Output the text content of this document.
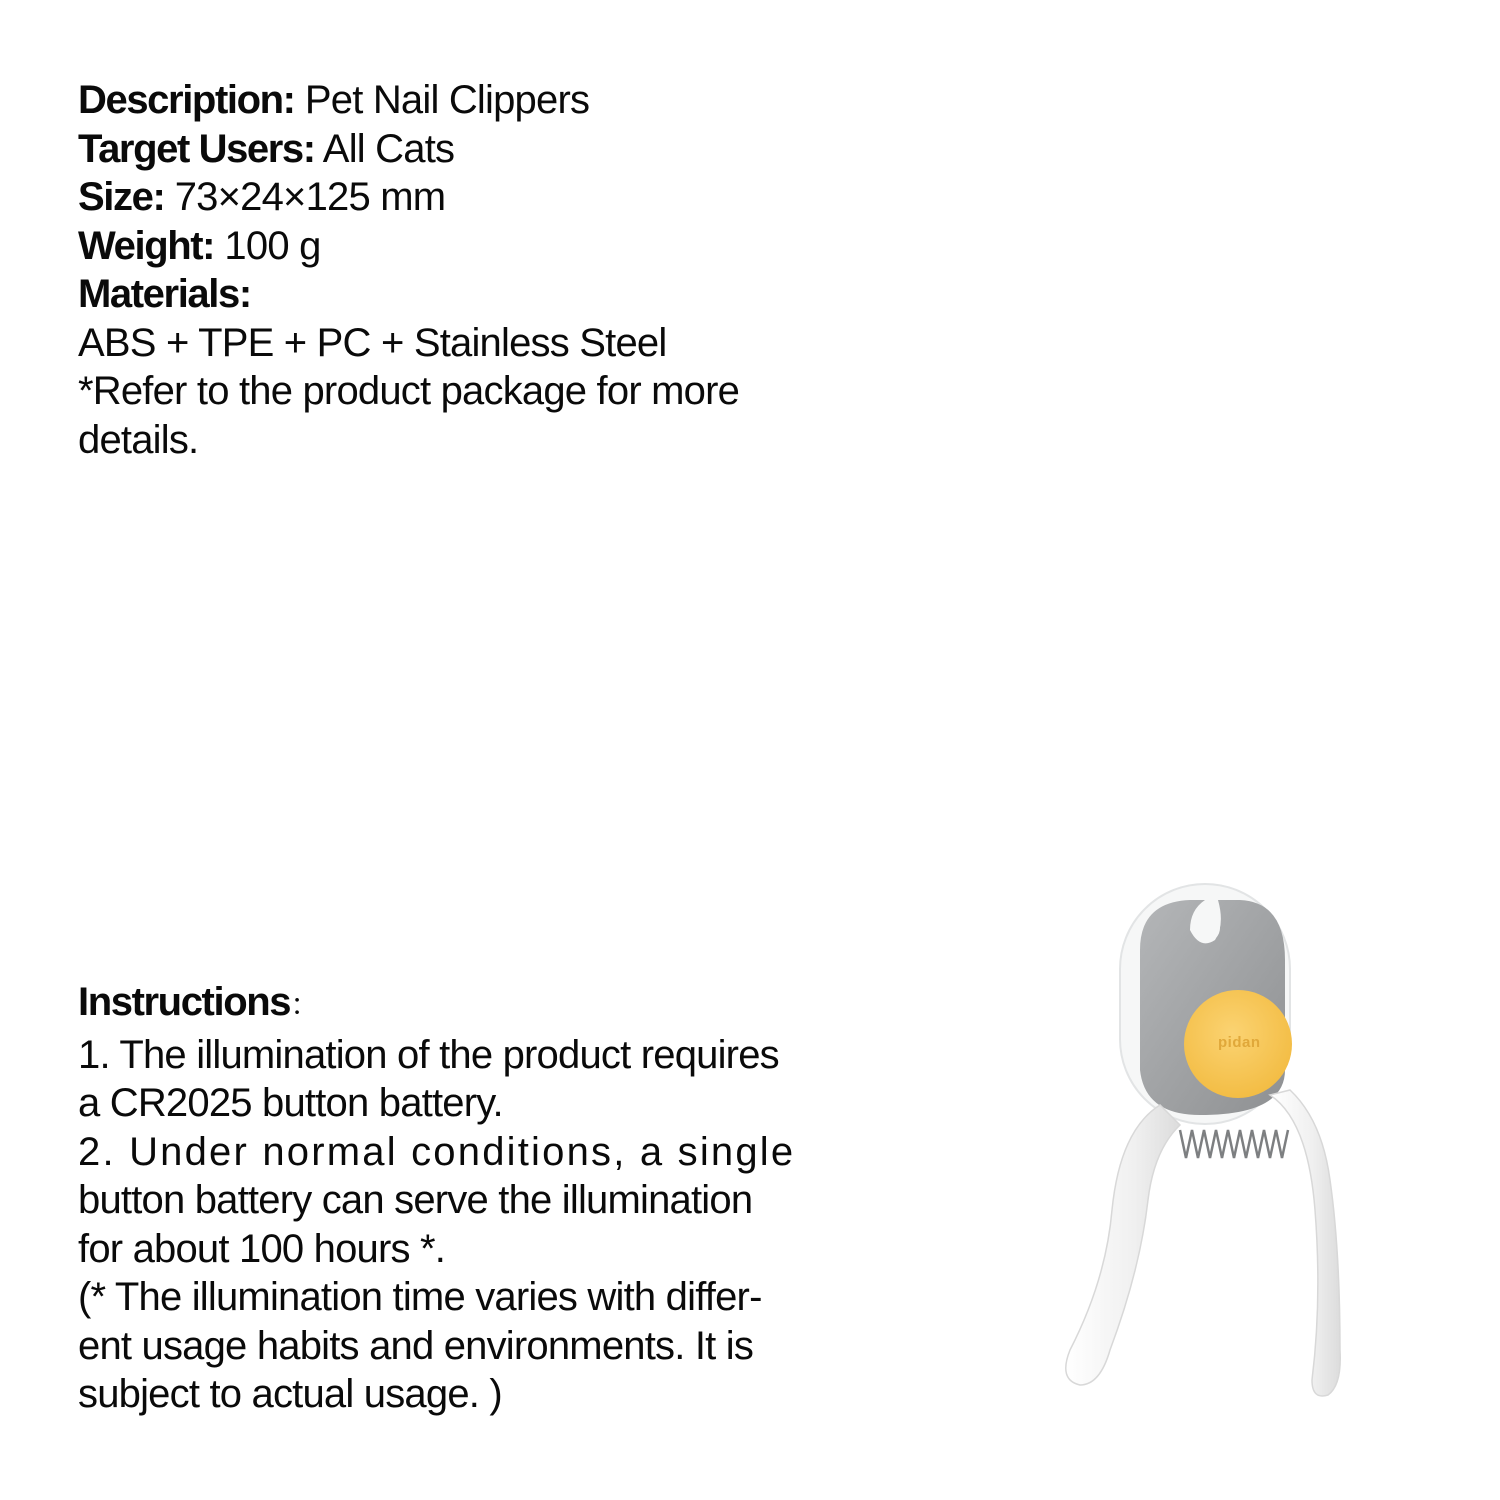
Description: Pet Nail Clippers
Target Users: All Cats
Size: 73×24×125 mm
Weight: 100 g
Materials:
ABS + TPE + PC + Stainless Steel
*Refer to the product package for more
details.
Instructions：
1. The illumination of the product requires
a CR2025 button battery.
2. Under normal conditions, a single
button battery can serve the illumination
for about 100 hours *.
(* The illumination time varies with differ-
ent usage habits and environments. It is
subject to actual usage. )
pidan
